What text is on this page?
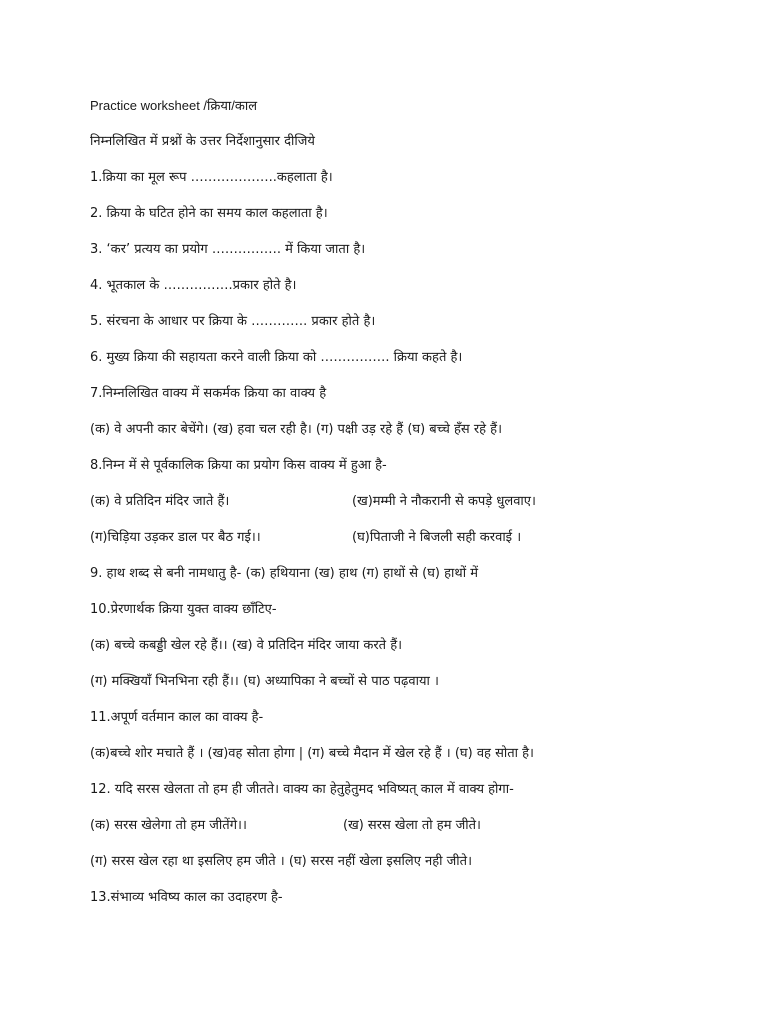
Practice worksheet /क्रिया/काल
निम्नलिखित में प्रश्नों के उत्तर निर्देशानुसार दीजिये
1.क्रिया का मूल रूप ………………..कहलाता है।
2. क्रिया के घटित होने का समय काल कहलाता है।
3. ‘कर’ प्रत्यय का प्रयोग ……………. में किया जाता है।
4. भूतकाल के …………….प्रकार होते है।
5. संरचना के आधार पर क्रिया के …………. प्रकार होते है।
6. मुख्य क्रिया की सहायता करने वाली क्रिया को ……………. क्रिया कहते है।
7.निम्नलिखित वाक्य में सकर्मक क्रिया का वाक्य है
(क) वे अपनी कार बेचेंगे। (ख) हवा चल रही है। (ग) पक्षी उड़ रहे हैं (घ) बच्चे हँस रहे हैं।
8.निम्न में से पूर्वकालिक क्रिया का प्रयोग किस वाक्य में हुआ है-
(क) वे प्रतिदिन मंदिर जाते हैं।	(ख)मम्मी ने नौकरानी से कपड़े धुलवाए।
(ग)चिड़िया उड़कर डाल पर बैठ गई।।	(घ)पिताजी ने बिजली सही करवाई ।
9. हाथ शब्द से बनी नामधातु है- (क) हथियाना (ख) हाथ (ग) हाथों से (घ) हाथों में
10.प्रेरणार्थक क्रिया युक्त वाक्य छाँटिए-
(क) बच्चे कबड्डी खेल रहे हैं।। (ख) वे प्रतिदिन मंदिर जाया करते हैं।
(ग) मक्खियाँ भिनभिना रही हैं।। (घ) अध्यापिका ने बच्चों से पाठ पढ़वाया ।
11.अपूर्ण वर्तमान काल का वाक्य है-
(क)बच्चे शोर मचाते हैं । (ख)वह सोता होगा | (ग) बच्चे मैदान में खेल रहे हैं । (घ) वह सोता है।
12. यदि सरस खेलता तो हम ही जीतते। वाक्य का हेतुहेतुमद भविष्यत् काल में वाक्य होगा-
(क) सरस खेलेगा तो हम जीतेंगे।।	(ख) सरस खेला तो हम जीते।
(ग) सरस खेल रहा था इसलिए हम जीते । (घ) सरस नहीं खेला इसलिए नही जीते।
13.संभाव्य भविष्य काल का उदाहरण है-
